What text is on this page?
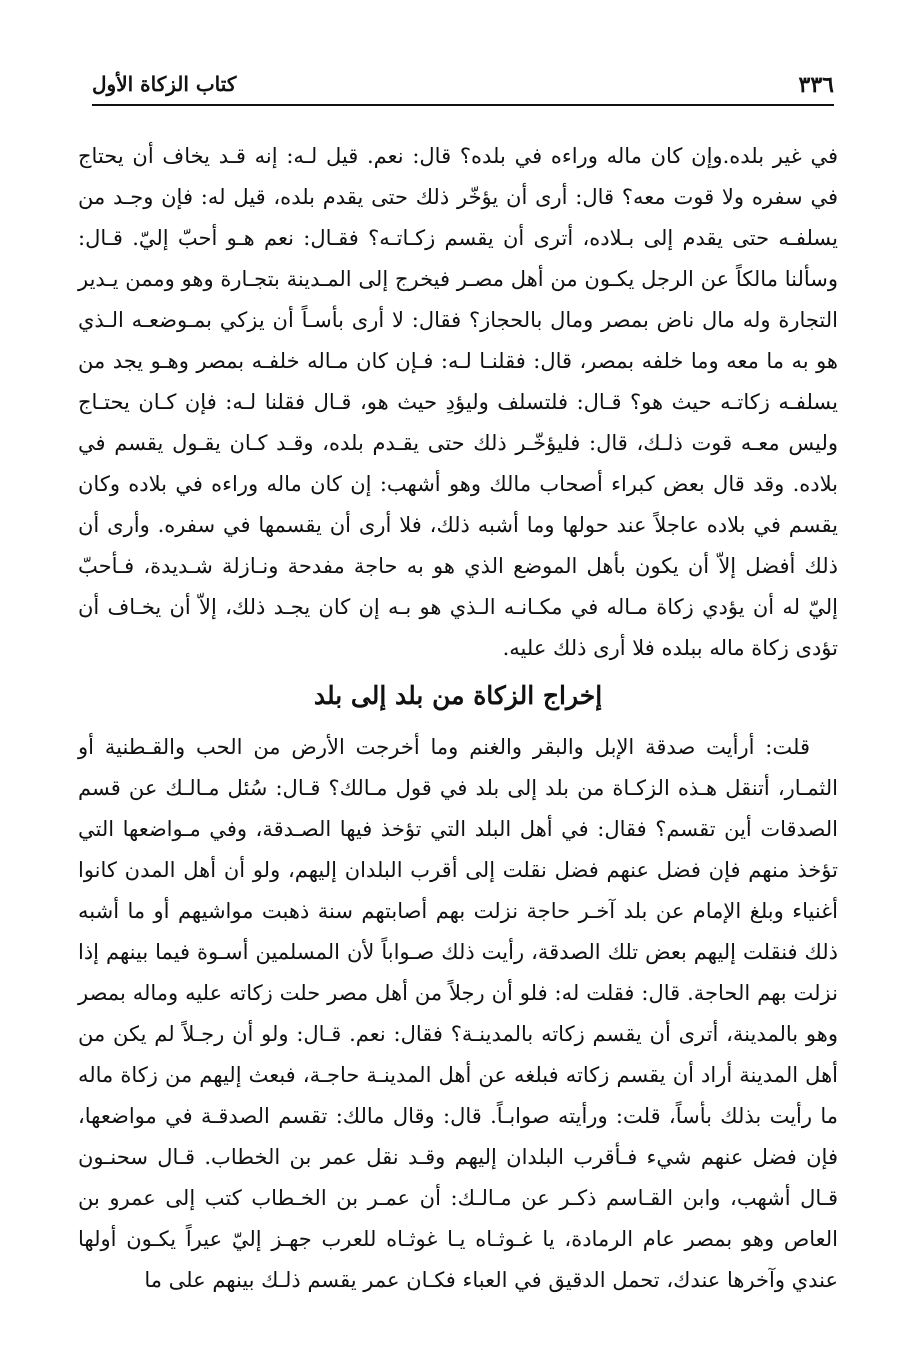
٣٣٦
كتاب الزكاة الأول

في غير بلده.وإن كان ماله وراءه في بلده؟ قال: نعم. قيل لـه: إنه قـد يخاف أن يحتاج في سفره ولا قوت معه؟ قال: أرى أن يؤخّر ذلك حتى يقدم بلده، قيل له: فإن وجـد من يسلفـه حتى يقدم إلى بـلاده، أترى أن يقسم زكـاتـه؟ فقـال: نعم هـو أحبّ إليّ. قـال: وسألنا مالكاً عن الرجل يكـون من أهل مصـر فيخرج إلى المـدينة بتجـارة وهو وممن يـدير التجارة وله مال ناض بمصر ومال بالحجاز؟ فقال: لا أرى بأسـاً أن يزكي بمـوضعـه الـذي هو به ما معه وما خلفه بمصر، قال: فقلنـا لـه: فـإن كان مـاله خلفـه بمصر وهـو يجد من يسلفـه زكاتـه حيث هو؟ قـال: فلتسلف وليؤدِ حيث هو، قـال فقلنا لـه: فإن كـان يحتـاج وليس معـه قوت ذلـك، قال: فليؤخّـر ذلك حتى يقـدم بلده، وقـد كـان يقـول يقسم في بلاده. وقد قال بعض كبراء أصحاب مالك وهو أشهب: إن كان ماله وراءه في بلاده وكان يقسم في بلاده عاجلاً عند حولها وما أشبه ذلك، فلا أرى أن يقسمها في سفره. وأرى أن ذلك أفضل إلاّ أن يكون بأهل الموضع الذي هو به حاجة مفدحة ونـازلة شـديدة، فـأحبّ إليّ له أن يؤدي زكاة مـاله في مكـانـه الـذي هو بـه إن كان يجـد ذلك، إلاّ أن يخـاف أن تؤدى زكاة ماله ببلده فلا أرى ذلك عليه.

إخراج الزكاة من بلد إلى بلد

قلت: أرأيت صدقة الإبل والبقر والغنم وما أخرجت الأرض من الحب والقـطنية أو الثمـار، أتنقل هـذه الزكـاة من بلد إلى بلد في قول مـالك؟ قـال: سُئل مـالـك عن قسم الصدقات أين تقسم؟ فقال: في أهل البلد التي تؤخذ فيها الصـدقة، وفي مـواضعها التي تؤخذ منهم فإن فضل عنهم فضل نقلت إلى أقرب البلدان إليهم، ولو أن أهل المدن كانوا أغنياء وبلغ الإمام عن بلد آخـر حاجة نزلت بهم أصابتهم سنة ذهبت مواشيهم أو ما أشبه ذلك فنقلت إليهم بعض تلك الصدقة، رأيت ذلك صـواباً لأن المسلمين أسـوة فيما بينهم إذا نزلت بهم الحاجة. قال: فقلت له: فلو أن رجلاً من أهل مصر حلت زكاته عليه وماله بمصر وهو بالمدينة، أترى أن يقسم زكاته بالمدينـة؟ فقال: نعم. قـال: ولو أن رجـلاً لم يكن من أهل المدينة أراد أن يقسم زكاته فبلغه عن أهل المدينـة حاجـة، فبعث إليهم من زكاة ماله ما رأيت بذلك بأساً، قلت: ورأيته صوابـاً. قال: وقال مالك: تقسم الصدقـة في مواضعها، فإن فضل عنهم شيء فـأقرب البلدان إليهم وقـد نقل عمر بن الخطاب. قـال سحنـون قـال أشهب، وابن القـاسم ذكـر عن مـالـك: أن عمـر بن الخـطاب كتب إلى عمرو بن العاص وهو بمصر عام الرمادة، يا غـوثـاه يـا غوثـاه للعرب جهـز إليّ عيراً يكـون أولها عندي وآخرها عندك، تحمل الدقيق في العباء فكـان عمر يقسم ذلـك بينهم على ما
